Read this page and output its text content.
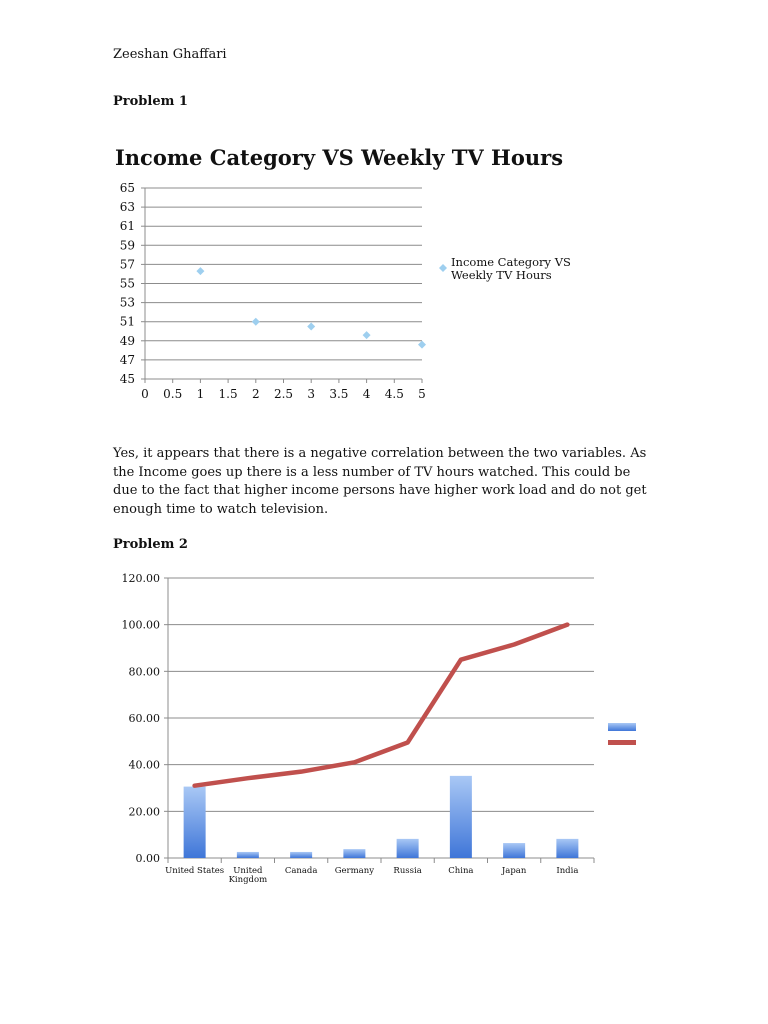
Zeeshan Ghaffari
Problem 1
Yes, it appears that there is a negative correlation between the two variables. As the Income goes up there is a less number of TV hours watched. This could be due to the fact that higher income persons have higher work load and do not get enough time to watch television.
Problem 2
Income Category VS Weekly TV Hours
45
47
49
51
53
55
57
59
61
63
65
0 0.5 1 1.5 2 2.5 3 3.5 4 4.5 5
Income Category VS
Weekly TV Hours
0.00
20.00
40.00
60.00
80.00
100.00
120.00
United States	United Kingdom
Canada Germany Russia	China	Japan	India
